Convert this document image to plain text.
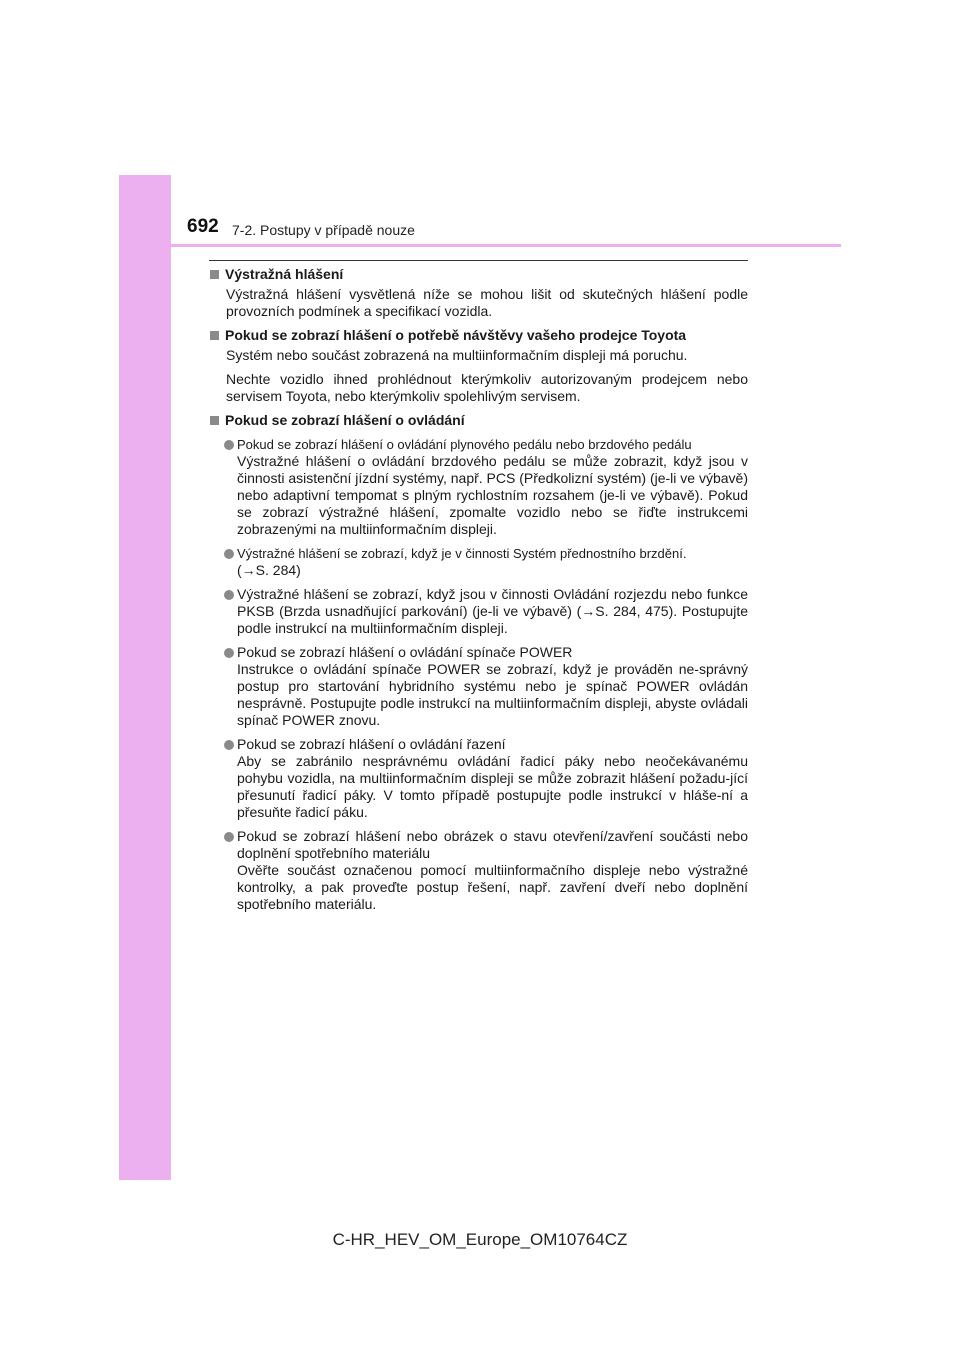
692 7-2. Postupy v případě nouze
Výstražná hlášení
Výstražná hlášení vysvětlená níže se mohou lišit od skutečných hlášení podle provozních podmínek a specifikací vozidla.
Pokud se zobrazí hlášení o potřebě návštěvy vašeho prodejce Toyota
Systém nebo součást zobrazená na multiinformačním displeji má poruchu.
Nechte vozidlo ihned prohlédnout kterýmkoliv autorizovaným prodejcem nebo servisem Toyota, nebo kterýmkoliv spolehlivým servisem.
Pokud se zobrazí hlášení o ovládání
Pokud se zobrazí hlášení o ovládání plynového pedálu nebo brzdového pedálu
Výstražné hlášení o ovládání brzdového pedálu se může zobrazit, když jsou v činnosti asistenční jízdní systémy, např. PCS (Předkolizní systém) (je-li ve výbavě) nebo adaptivní tempomat s plným rychlostním rozsahem (je-li ve výbavě). Pokud se zobrazí výstražné hlášení, zpomalte vozidlo nebo se řiďte instrukcemi zobrazenými na multiinformačním displeji.
Výstražné hlášení se zobrazí, když je v činnosti Systém přednostního brzdění.
(→S. 284)
Výstražné hlášení se zobrazí, když jsou v činnosti Ovládání rozjezdu nebo funkce PKSB (Brzda usnadňující parkování) (je-li ve výbavě) (→S. 284, 475). Postupujte podle instrukcí na multiinformačním displeji.
Pokud se zobrazí hlášení o ovládání spínače POWER
Instrukce o ovládání spínače POWER se zobrazí, když je prováděn ne-správný postup pro startování hybridního systému nebo je spínač POWER ovládán nesprávně. Postupujte podle instrukcí na multiinformačním displeji, abyste ovládali spínač POWER znovu.
Pokud se zobrazí hlášení o ovládání řazení
Aby se zabránilo nesprávnému ovládání řadicí páky nebo neočekávanému pohybu vozidla, na multiinformačním displeji se může zobrazit hlášení požadu-jící přesunutí řadicí páky. V tomto případě postupujte podle instrukcí v hláše-ní a přesuňte řadicí páku.
Pokud se zobrazí hlášení nebo obrázek o stavu otevření/zavření součásti nebo doplnění spotřebního materiálu
Ověřte součást označenou pomocí multiinformačního displeje nebo výstražné kontrolky, a pak proveďte postup řešení, např. zavření dveří nebo doplnění spotřebního materiálu.
C-HR_HEV_OM_Europe_OM10764CZ
